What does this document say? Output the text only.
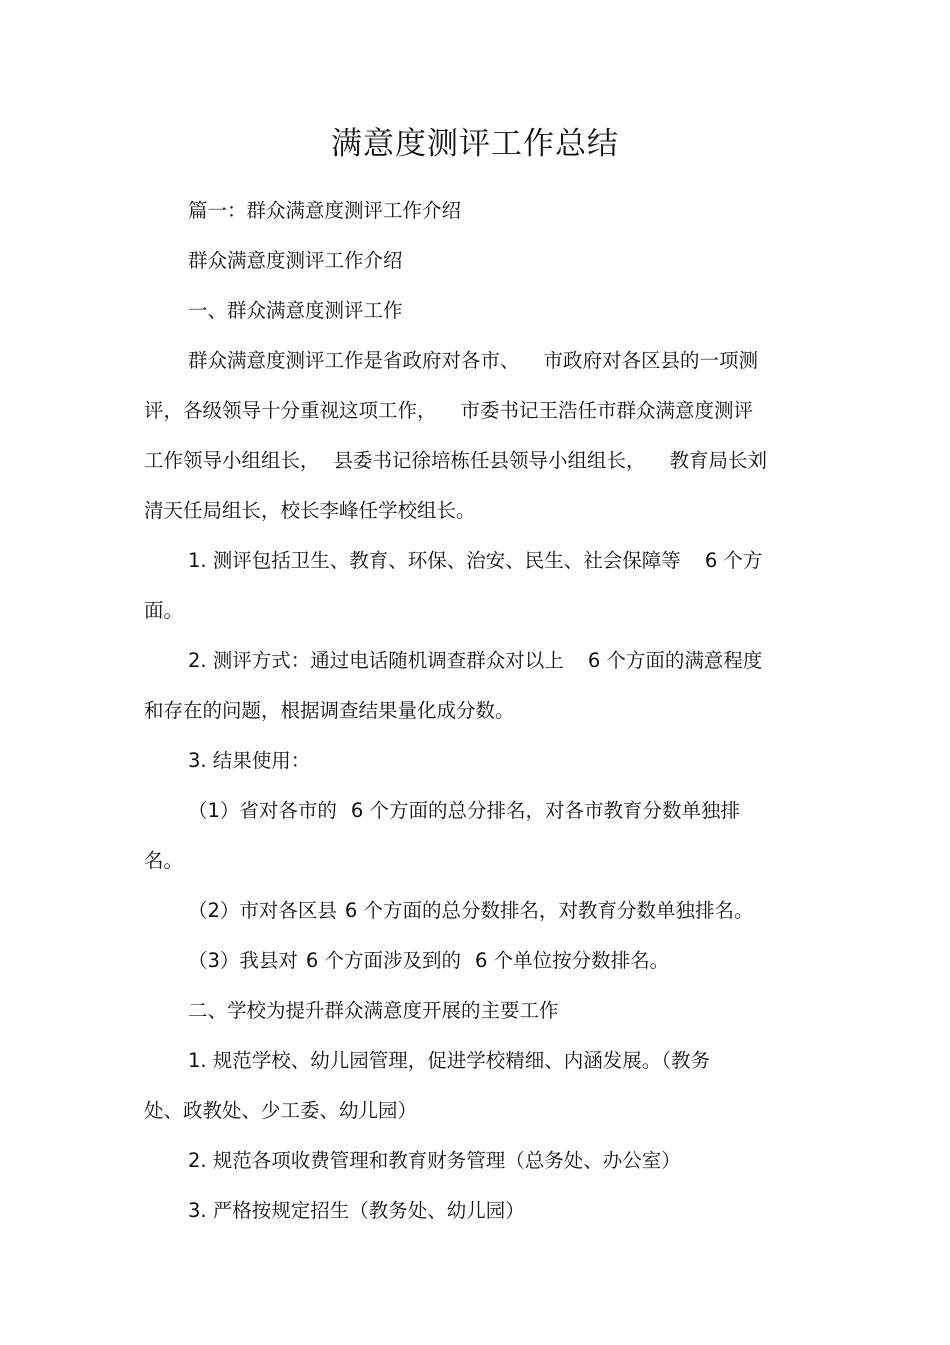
满意度测评工作总结

篇一：群众满意度测评工作介绍

群众满意度测评工作介绍

一、群众满意度测评工作

群众满意度测评工作是省政府对各市、 市政府对各区县的一项测

评，各级领导十分重视这项工作， 市委书记王浩任市群众满意度测评

工作领导小组组长， 县委书记徐培栋任县领导小组组长， 教育局长刘

清天任局组长，校长李峰任学校组长。

1. 测评包括卫生、教育、环保、治安、民生、社会保障等 6 个方

面。

2. 测评方式：通过电话随机调查群众对以上 6 个方面的满意程度

和存在的问题，根据调查结果量化成分数。

3. 结果使用：

（1）省对各市的 6 个方面的总分排名，对各市教育分数单独排

名。

（2）市对各区县 6 个方面的总分数排名，对教育分数单独排名。

（3）我县对 6 个方面涉及到的 6 个单位按分数排名。

二、学校为提升群众满意度开展的主要工作

1. 规范学校、幼儿园管理，促进学校精细、内涵发展。（教务

处、政教处、少工委、幼儿园）

2. 规范各项收费管理和教育财务管理（总务处、办公室）

3. 严格按规定招生（教务处、幼儿园）
